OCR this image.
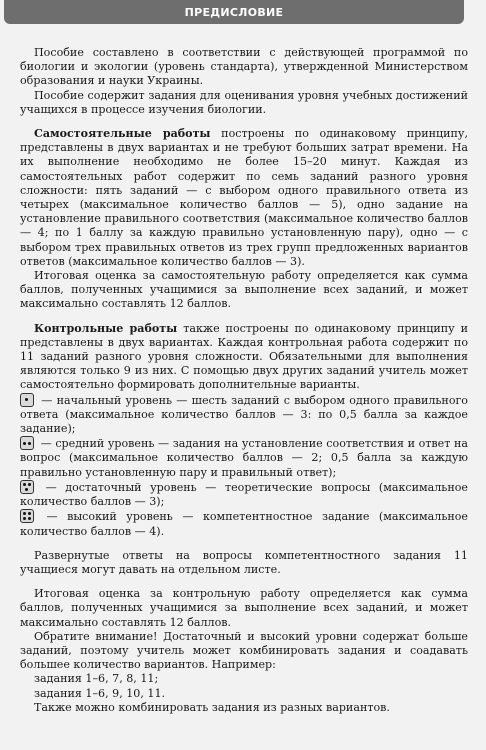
ПРЕДИСЛОВИЕ

Пособие составлено в соответствии с действующей программой по биологии и экологии (уровень стандарта), утвержденной Министерством образования и науки Украины.

Пособие содержит задания для оценивания уровня учебных достижений учащихся в процессе изучения биологии.

Самостоятельные работы построены по одинаковому принципу, представлены в двух вариантах и не требуют больших затрат времени. На их выполнение необходимо не более 15–20 минут. Каждая из самостоятельных работ содержит по семь заданий разного уровня сложности: пять заданий — с выбором одного правильного ответа из четырех (максимальное количество баллов — 5), одно задание на установление правильного соответствия (максимальное количество баллов — 4; по 1 баллу за каждую правильно установленную пару), одно — с выбором трех правильных ответов из трех групп предложенных вариантов ответов (максимальное количество баллов — 3).

Итоговая оценка за самостоятельную работу определяется как сумма баллов, полученных учащимися за выполнение всех заданий, и может максимально составлять 12 баллов.

Контрольные работы также построены по одинаковому принципу и представлены в двух вариантах. Каждая контрольная работа содержит по 11 заданий разного уровня сложности. Обязательными для выполнения являются только 9 из них. С помощью двух других заданий учитель может самостоятельно формировать дополнительные варианты.

— начальный уровень — шесть заданий с выбором одного правильного ответа (максимальное количество баллов — 3: по 0,5 балла за каждое задание);

— средний уровень — задания на установление соответствия и ответ на вопрос (максимальное количество баллов — 2; 0,5 балла за каждую правильно установленную пару и правильный ответ);

— достаточный уровень — теоретические вопросы (максимальное количество баллов — 3);

— высокий уровень — компетентностное задание (максимальное количество баллов — 4).

Развернутые ответы на вопросы компетентностного задания 11 учащиеся могут давать на отдельном листе.

Итоговая оценка за контрольную работу определяется как сумма баллов, полученных учащимися за выполнение всех заданий, и может максимально составлять 12 баллов.

Обратите внимание! Достаточный и высокий уровни содержат больше заданий, поэтому учитель может комбинировать задания и соадавать большее количество вариантов. Например:

задания 1–6, 7, 8, 11;

задания 1–6, 9, 10, 11.

Также можно комбинировать задания из разных вариантов.
